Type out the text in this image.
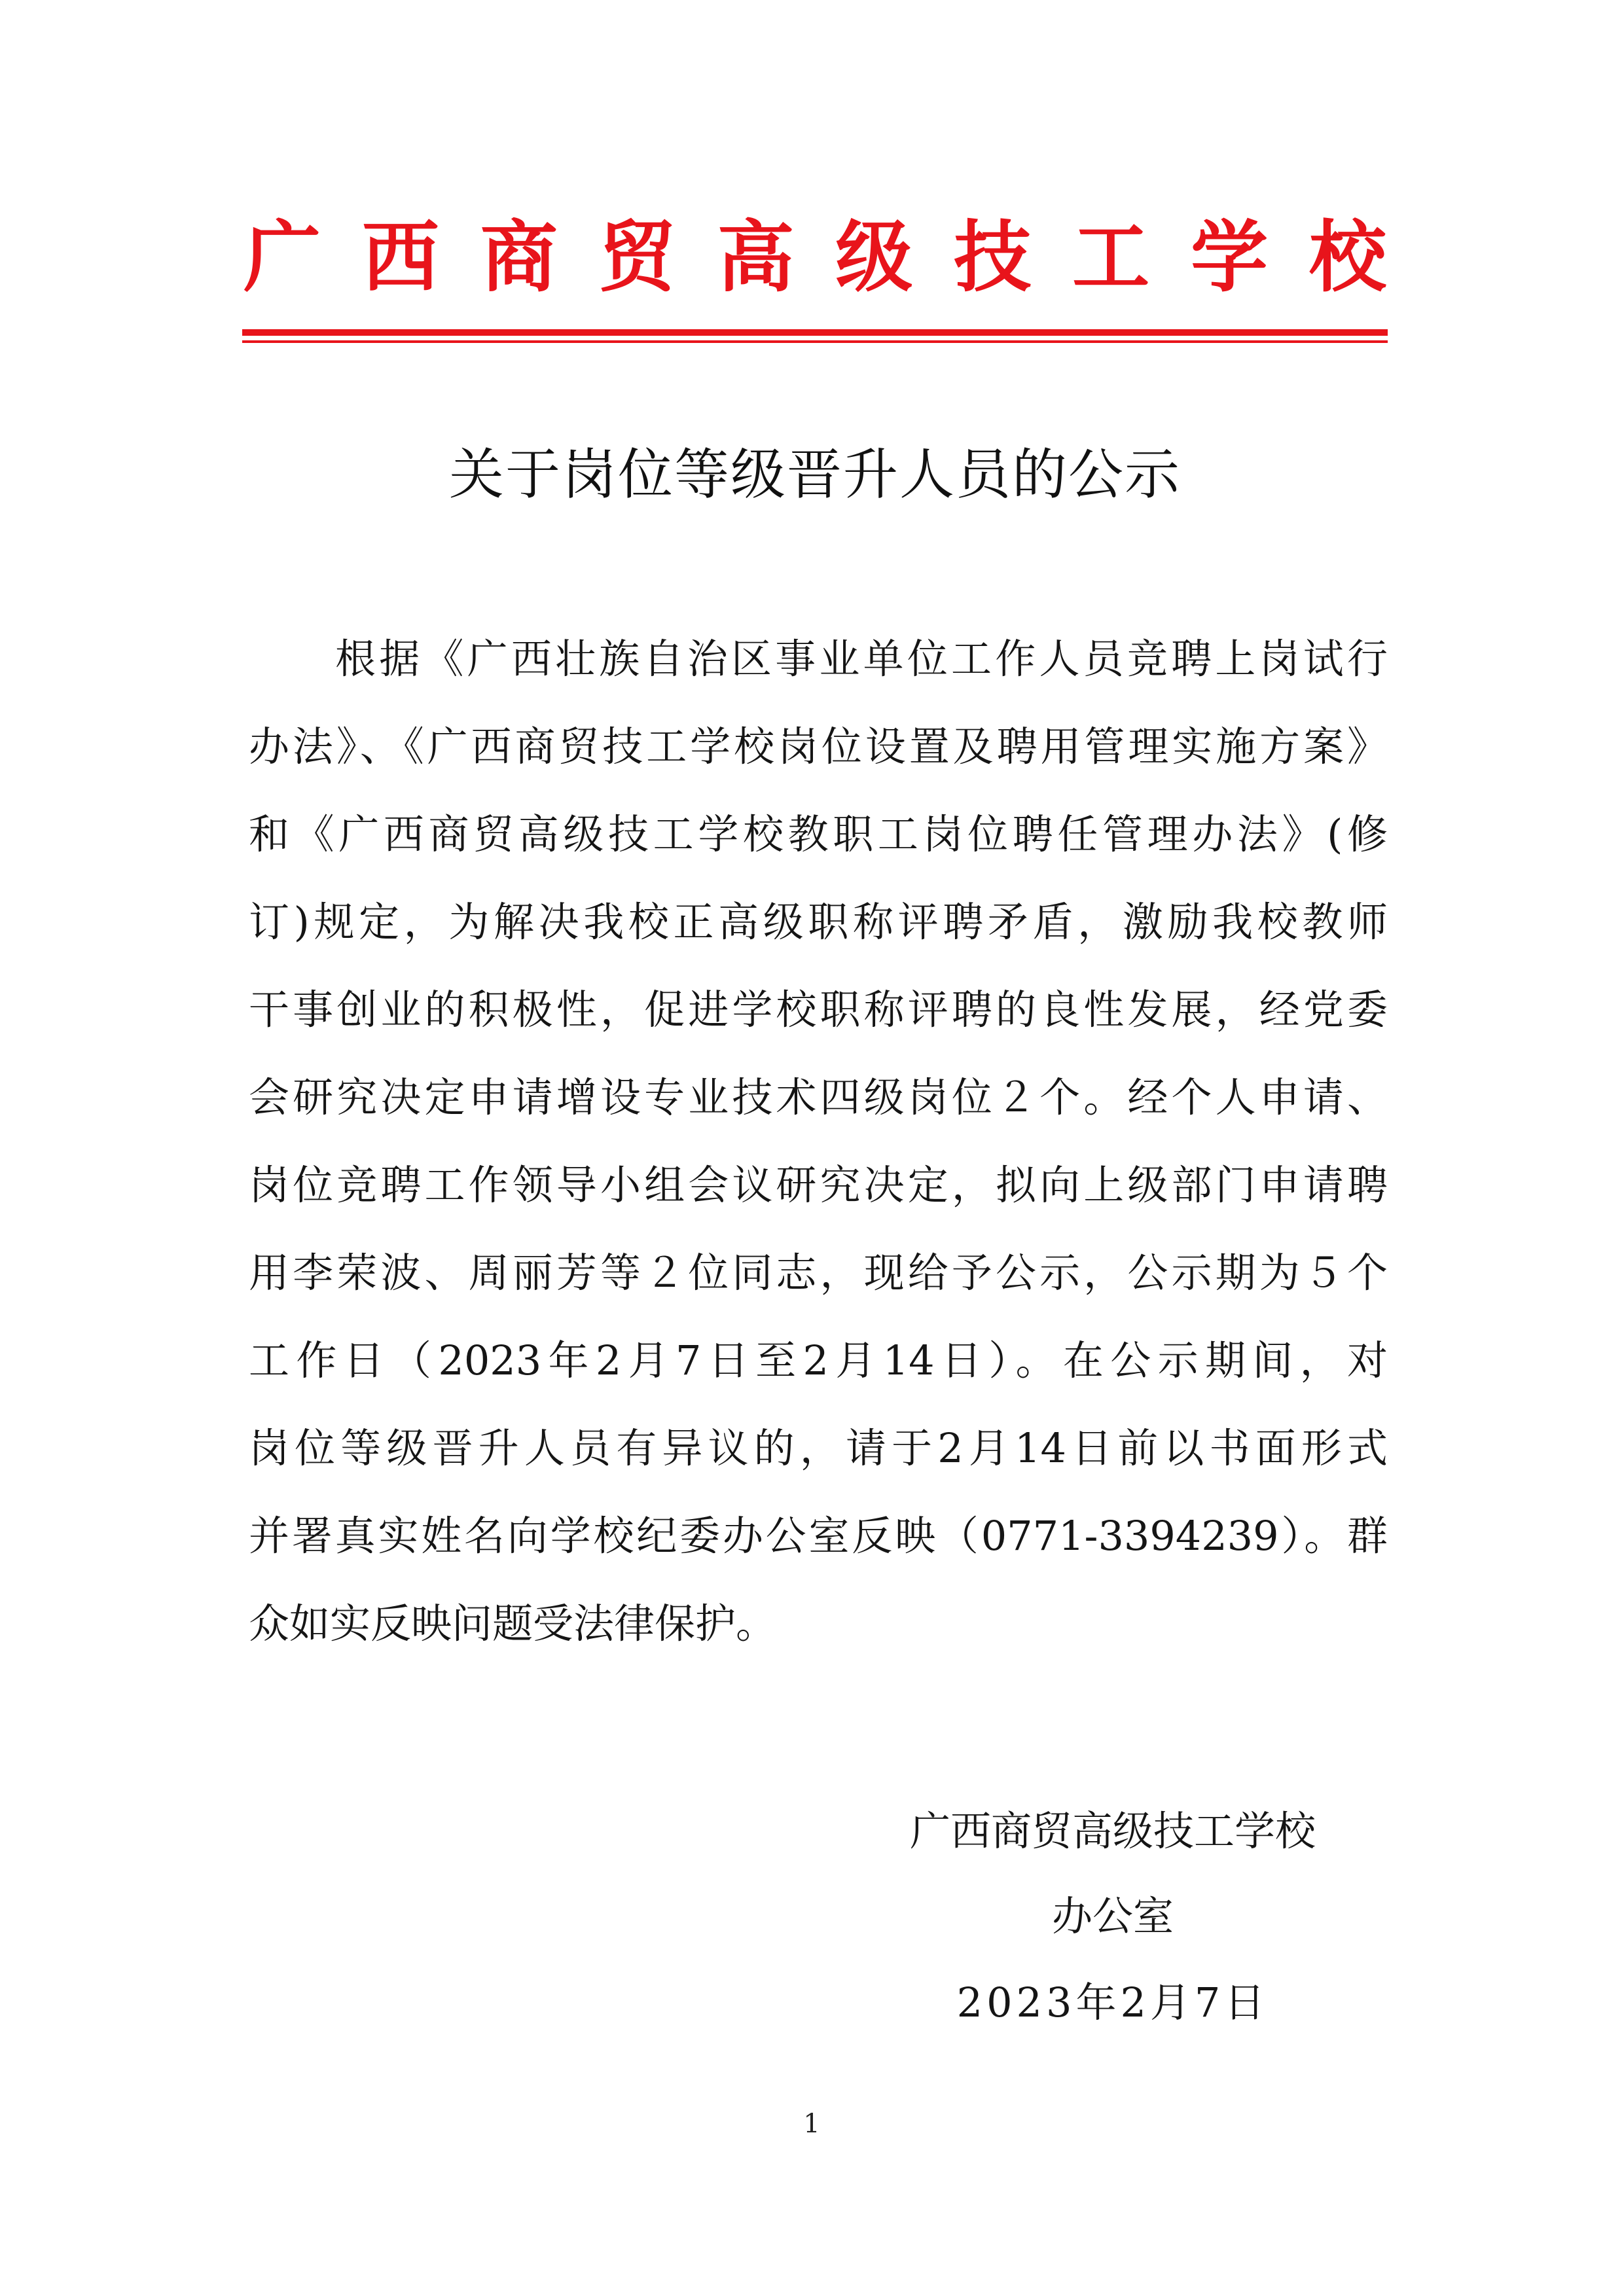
广 西 商 贸 高 级 技 工 学 校
关于岗位等级晋升人员的公示
根据《广西壮族自治区事业单位工作人员竞聘上岗试行
办法》、《广西商贸技工学校岗位设置及聘用管理实施方案》
和《广西商贸高级技工学校教职工岗位聘任管理办法》(修
订)规定，为解决我校正高级职称评聘矛盾，激励我校教师
干事创业的积极性，促进学校职称评聘的良性发展，经党委
会研究决定申请增设专业技术四级岗位２个。经个人申请、
岗位竞聘工作领导小组会议研究决定，拟向上级部门申请聘
用李荣波、周丽芳等２位同志，现给予公示，公示期为５个
工作日（2023年2月7日至2月14日）。在公示期间，对
岗位等级晋升人员有异议的，请于2月14日前以书面形式
并署真实姓名向学校纪委办公室反映（0771-3394239）。群
众如实反映问题受法律保护。
广西商贸高级技工学校
办公室
2023年2月7日
1
